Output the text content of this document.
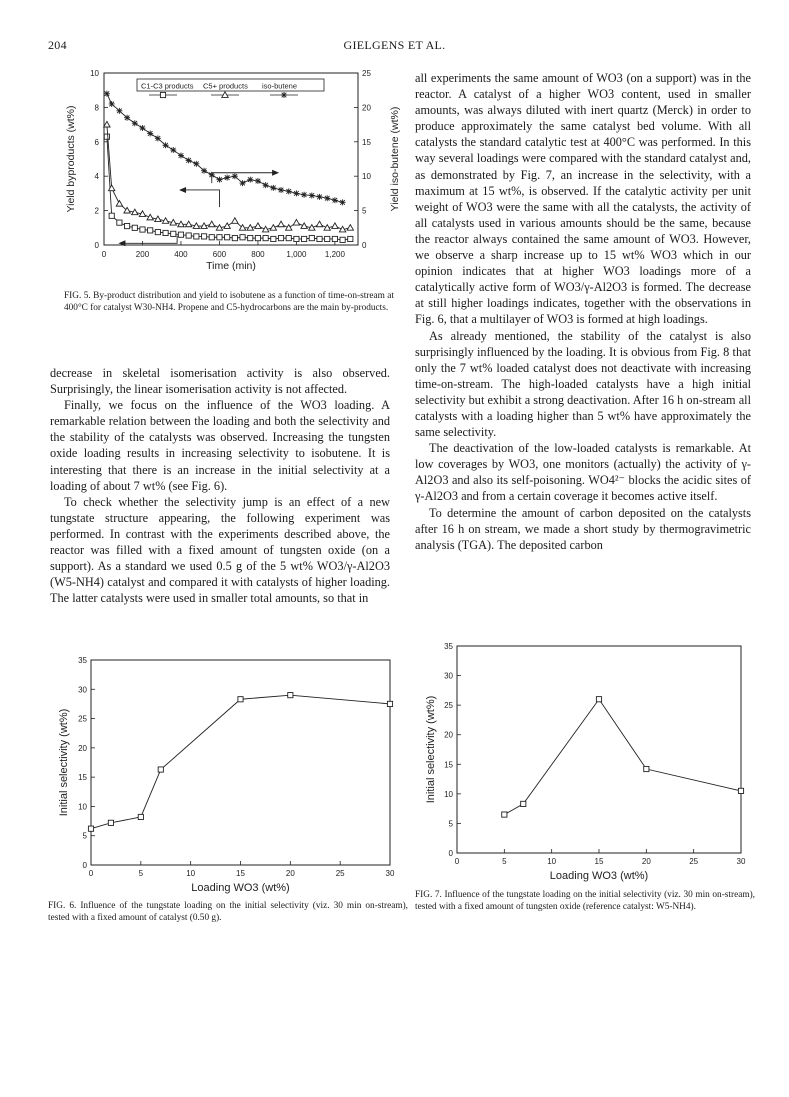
204	GIELGENS ET AL.
0	200	400	600	800	1,000 1,200
0
2
4
6
8
10
0
5
10
15
20
25
Time (min)
Yield byproducts (wt%)	Yield iso-butene (wt%)
C1-C3 products C5+ products iso-butene
FIG. 5. By-product distribution and yield to isobutene as a function of time-on-stream at 400°C for catalyst W30-NH4. Propene and C5-hydrocarbons are the main by-products.

decrease in skeletal isomerisation activity is also observed. Surprisingly, the linear isomerisation activity is not affected.

Finally, we focus on the influence of the WO3 loading. A remarkable relation between the loading and both the selectivity and the stability of the catalysts was observed. Increasing the tungsten oxide loading results in increasing selectivity to isobutene. It is interesting that there is an increase in the initial selectivity at a loading of about 7 wt% (see Fig. 6).

To check whether the selectivity jump is an effect of a new tungstate structure appearing, the following experiment was performed. In contrast with the experiments described above, the reactor was filled with a fixed amount of tungsten oxide (on a support). As a standard we used 0.5 g of the 5 wt% WO3/γ-Al2O3 (W5-NH4) catalyst and compared it with catalysts of higher loading. The latter catalysts were used in smaller total amounts, so that in

all experiments the same amount of WO3 (on a support) was in the reactor. A catalyst of a higher WO3 content, used in smaller amounts, was always diluted with inert quartz (Merck) in order to produce approximately the same catalyst bed volume. With all catalysts the standard catalytic test at 400°C was performed. In this way several loadings were compared with the standard catalyst and, as demonstrated by Fig. 7, an increase in the selectivity, with a maximum at 15 wt%, is observed. If the catalytic activity per unit weight of WO3 were the same with all the catalysts, the activity of all catalysts used in various amounts should be the same, because the reactor always contained the same amount of WO3. However, we observe a sharp increase up to 15 wt% WO3 which in our opinion indicates that at higher WO3 loadings more of a catalytically active form of WO3/γ-Al2O3 is formed. The decrease at still higher loadings indicates, together with the observations in Fig. 6, that a multilayer of WO3 is formed at high loadings.

As already mentioned, the stability of the catalyst is also surprisingly influenced by the loading. It is obvious from Fig. 8 that only the 7 wt% loaded catalyst does not deactivate with increasing time-on-stream. The high-loaded catalysts have a high initial selectivity but exhibit a strong deactivation. After 16 h on-stream all catalysts with a loading higher than 5 wt% have approximately the same selectivity.

The deactivation of the low-loaded catalysts is remarkable. At low coverages by WO3, one monitors (actually) the activity of γ-Al2O3 and also its self-poisoning. WO4²⁻ blocks the acidic sites of γ-Al2O3 and from a certain coverage it becomes active itself.

To determine the amount of carbon deposited on the catalysts after 16 h on stream, we made a short study by thermogravimetric analysis (TGA). The deposited carbon

0	5	10	15	20	25	30
0
5
10
15
20
25
30
35
Loading WO3 (wt%)
Initial selectivity (wt%)
0	5	10	15	20	25	30
0
5
10
15
20
25
30
35
Loading WO3 (wt%)
Initial selectivity (wt%)
FIG. 6. Influence of the tungstate loading on the initial selectivity (viz. 30 min on-stream), tested with a fixed amount of catalyst (0.50 g).
FIG. 7. Influence of the tungstate loading on the initial selectivity (viz. 30 min on-stream), tested with a fixed amount of tungsten oxide (reference catalyst: W5-NH4).
